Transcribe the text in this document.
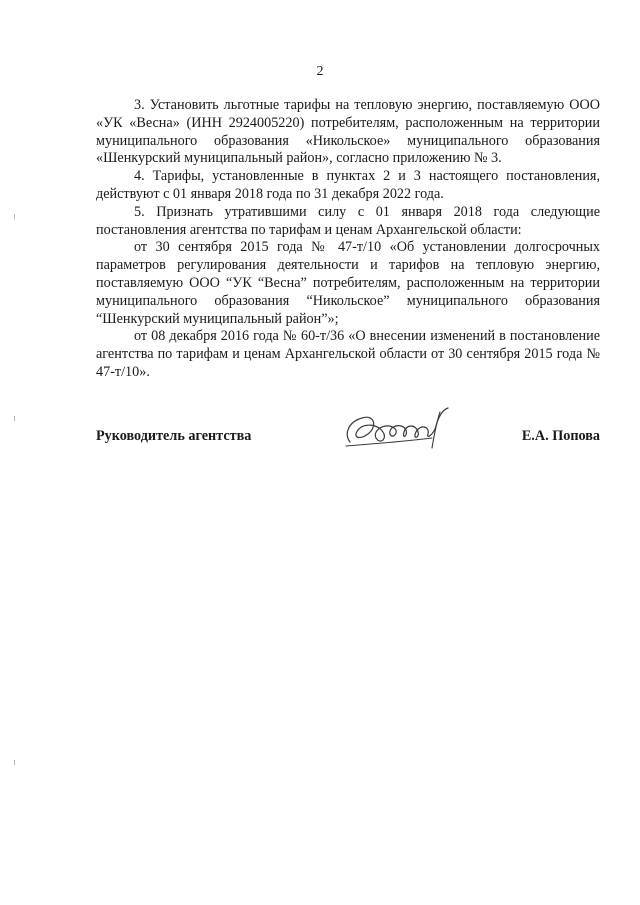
2

3. Установить льготные тарифы на тепловую энергию, поставляемую ООО «УК «Весна» (ИНН 2924005220) потребителям, расположенным на территории муниципального образования «Никольское» муниципального образования «Шенкурский муниципальный район», согласно приложению № 3.

4. Тарифы, установленные в пунктах 2 и 3 настоящего постановления, действуют с 01 января 2018 года по 31 декабря 2022 года.

5. Признать утратившими силу с 01 января 2018 года следующие постановления агентства по тарифам и ценам Архангельской области:

от 30 сентября 2015 года № 47-т/10 «Об установлении долгосрочных параметров регулирования деятельности и тарифов на тепловую энергию, поставляемую ООО “УК “Весна” потребителям, расположенным на территории муниципального образования “Никольское” муниципального образования “Шенкурский муниципальный район”»;

от 08 декабря 2016 года № 60-т/36 «О внесении изменений в постановление агентства по тарифам и ценам Архангельской области от 30 сентября 2015 года № 47-т/10».

Руководитель агентства	Е.А. Попова
